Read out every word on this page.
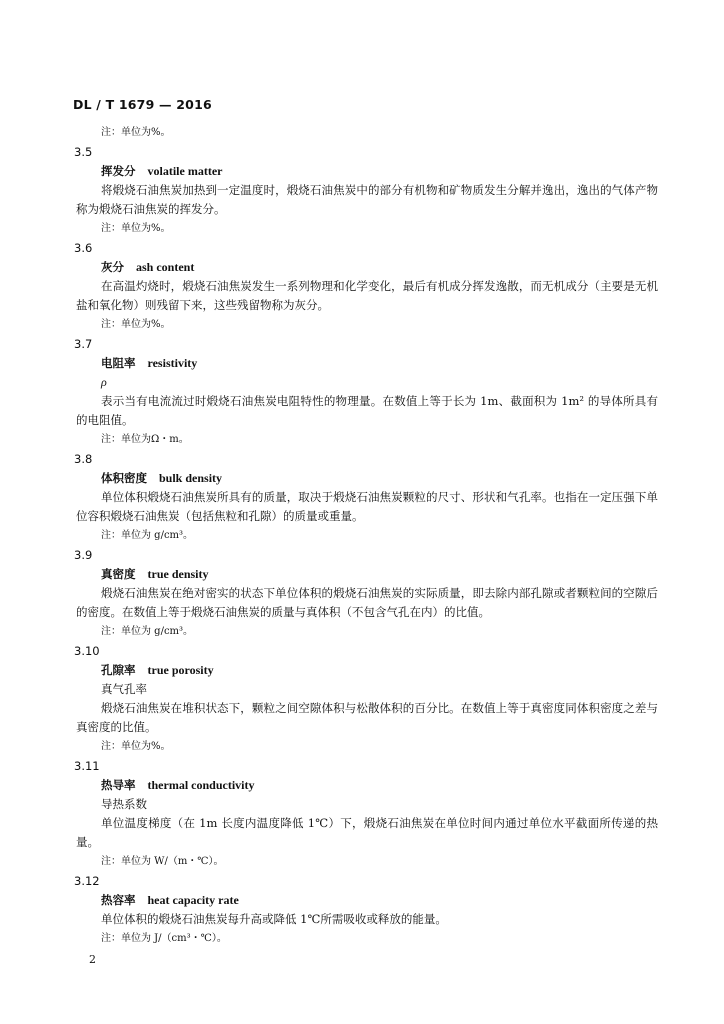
DL / T 1679 — 2016
注：单位为%。
3.5
挥发分 volatile matter
将煅烧石油焦炭加热到一定温度时，煅烧石油焦炭中的部分有机物和矿物质发生分解并逸出，逸出的气体产物称为煅烧石油焦炭的挥发分。
注：单位为%。
3.6
灰分 ash content
在高温灼烧时，煅烧石油焦炭发生一系列物理和化学变化，最后有机成分挥发逸散，而无机成分（主要是无机盐和氧化物）则残留下来，这些残留物称为灰分。
注：单位为%。
3.7
电阻率 resistivity
ρ
表示当有电流流过时煅烧石油焦炭电阻特性的物理量。在数值上等于长为 1m、截面积为 1m² 的导体所具有的电阻值。
注：单位为Ω・m。
3.8
体积密度 bulk density
单位体积煅烧石油焦炭所具有的质量，取决于煅烧石油焦炭颗粒的尺寸、形状和气孔率。也指在一定压强下单位容积煅烧石油焦炭（包括焦粒和孔隙）的质量或重量。
注：单位为 g/cm³。
3.9
真密度 true density
煅烧石油焦炭在绝对密实的状态下单位体积的煅烧石油焦炭的实际质量，即去除内部孔隙或者颗粒间的空隙后的密度。在数值上等于煅烧石油焦炭的质量与真体积（不包含气孔在内）的比值。
注：单位为 g/cm³。
3.10
孔隙率 true porosity
真气孔率
煅烧石油焦炭在堆积状态下，颗粒之间空隙体积与松散体积的百分比。在数值上等于真密度同体积密度之差与真密度的比值。
注：单位为%。
3.11
热导率 thermal conductivity
导热系数
单位温度梯度（在 1m 长度内温度降低 1℃）下，煅烧石油焦炭在单位时间内通过单位水平截面所传递的热量。
注：单位为 W/（m・℃）。
3.12
热容率 heat capacity rate
单位体积的煅烧石油焦炭每升高或降低 1℃所需吸收或释放的能量。
注：单位为 J/（cm³・℃）。
2
